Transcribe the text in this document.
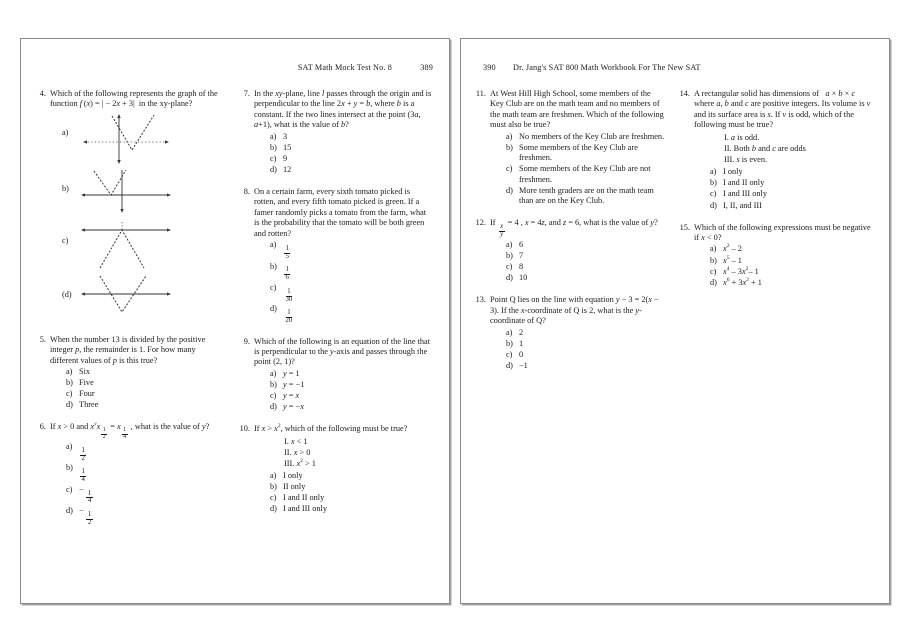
SAT Math Mock Test No. 8	389
4. Which of the following represents the graph of the function f (x) = | − 2x + 3|  in the xy-plane?

a)
b)
c)
(d)
5. When the number 13 is divided by the positive integer p, the remainder is 1. For how many different values of p is this true?

a) Six
b) Five
c) Four
d) Three
6. If x > 0 and $x^yx$
$\frac{1}{2}$
= x
$\frac{1}{4}$
, what is the value of y?

a)
$\frac{1}{2}$
b)
$\frac{1}{4}$
c) − 
$\frac{1}{4}$
d) − 
$\frac{1}{2}$
7. In the xy-plane, line l passes through the origin and is perpendicular to the line 2x + y = b, where b is a constant. If the two lines intersect at the point (3a, a+1), what is the value of b?

a) 3
b) 15
c) 9
d) 12
8. On a certain farm, every sixth tomato picked is rotten, and every fifth tomato picked is green. If a famer randomly picks a tomato from the farm, what is the probability that the tomato will be both green and rotten?

a)
$\frac{1}{5}$
b)
$\frac{1}{6}$
c)
$\frac{1}{30}$
d)
$\frac{1}{20}$
9. Which of the following is an equation of the line that is perpendicular to the y-axis and passes through the point (2, 1)?

a) y = 1
b) y = −1
c) y = x
d) y = −x
10. If $x > x^2$, which of the following must be true?

I. x < 1
II. x > 0
III. $x^2 > 1$
a) I only
b) II only
c) I and II only
d) I and III only
390 Dr. Jang's SAT 800 Math Workbook For The New SAT
11. At West Hill High School, some members of the Key Club are on the math team and no members of the math team are freshmen. Which of the following must also be true?

a) No members of the Key Club are freshmen.
b) Some members of the Key Club are freshmen.
c) Some members of the Key Club are not freshmen.
d) More tenth graders are on the math team than are on the Key Club.
12. If
$\frac{x}{y}$
= 4 , x = 4z, and z = 6, what is the value of y?

a) 6
b) 7
c) 8
d) 10
13. Point Q lies on the line with equation y − 3 = 2(x − 3). If the x-coordinate of Q is 2, what is the y-coordinate of Q?

a) 2
b) 1
c) 0
d) −1
14. A rectangular solid has dimensions of   a × b × c where a, b and c are positive integers. Its volume is v and its surface area is s. If v is odd, which of the following must be true?

I. a is odd.
II. Both b and c are odds
III. s is even.
a) I only
b) I and II only
c) I and III only
d) I, II, and III
15. Which of the following expressions must be negative if x < 0?

a) $x^2 - 2$
b) $x^5 - 1$
c) $x^4 - 3x^2-$ 1
d) $x^6 + 3x^2 + 1$
